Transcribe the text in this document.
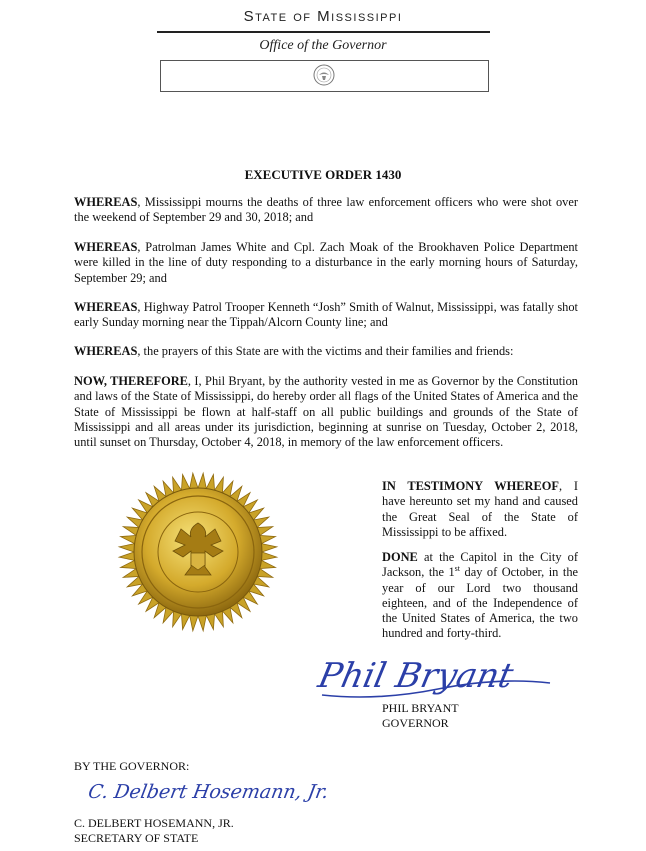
State of Mississippi
Office of the Governor
EXECUTIVE ORDER 1430
WHEREAS, Mississippi mourns the deaths of three law enforcement officers who were shot over the weekend of September 29 and 30, 2018; and
WHEREAS, Patrolman James White and Cpl. Zach Moak of the Brookhaven Police Department were killed in the line of duty responding to a disturbance in the early morning hours of Saturday, September 29; and
WHEREAS, Highway Patrol Trooper Kenneth “Josh” Smith of Walnut, Mississippi, was fatally shot early Sunday morning near the Tippah/Alcorn County line; and
WHEREAS, the prayers of this State are with the victims and their families and friends:
NOW, THEREFORE, I, Phil Bryant, by the authority vested in me as Governor by the Constitution and laws of the State of Mississippi, do hereby order all flags of the United States of America and the State of Mississippi be flown at half-staff on all public buildings and grounds of the State of Mississippi and all areas under its jurisdiction, beginning at sunrise on Tuesday, October 2, 2018, until sunset on Thursday, October 4, 2018, in memory of the law enforcement officers.
IN TESTIMONY WHEREOF, I have hereunto set my hand and caused the Great Seal of the State of Mississippi to be affixed.
DONE at the Capitol in the City of Jackson, the 1st day of October, in the year of our Lord two thousand eighteen, and of the Independence of the United States of America, the two hundred and forty-third.
Phil Bryant
PHIL BRYANT
GOVERNOR
BY THE GOVERNOR:
C. Delbert Hosemann, Jr.
C. DELBERT HOSEMANN, JR.
SECRETARY OF STATE
